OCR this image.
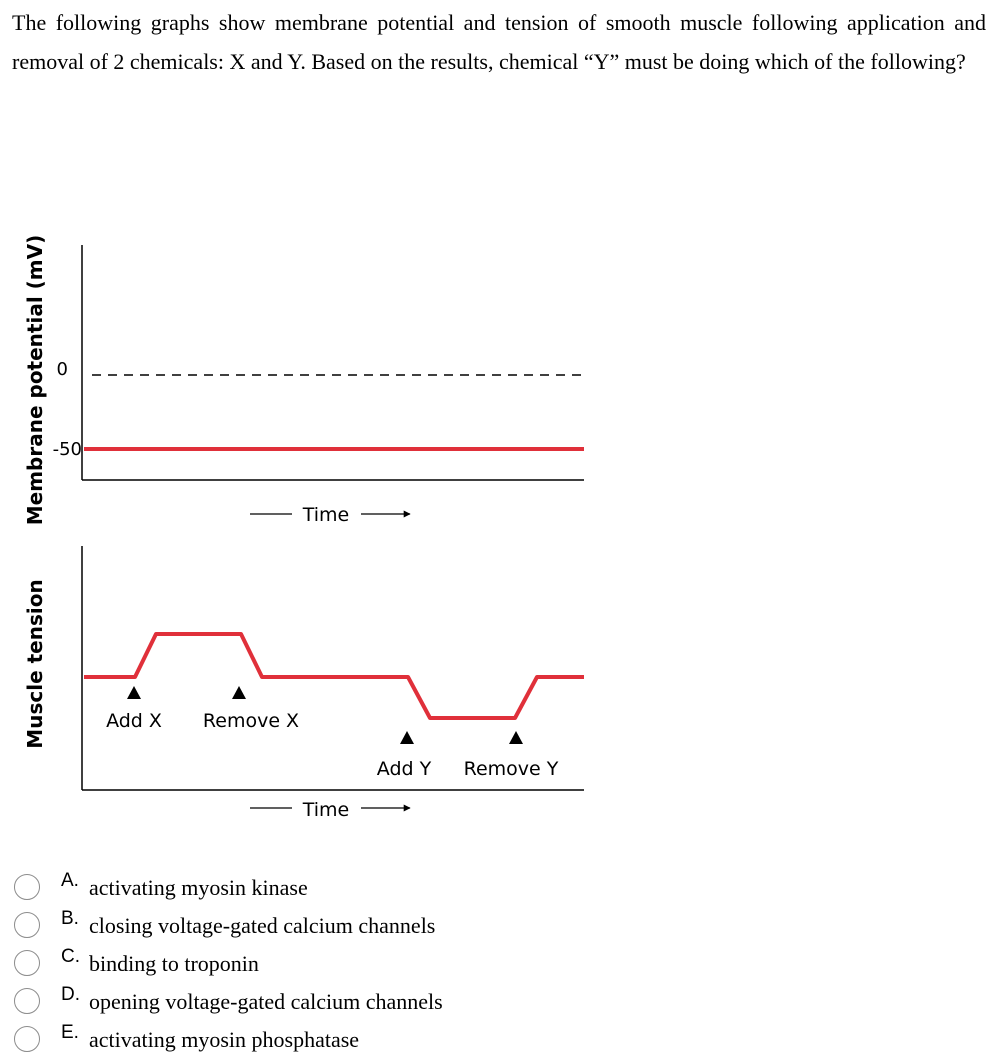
The following graphs show membrane potential and tension of smooth muscle following application and removal of 2 chemicals: X and Y. Based on the results, chemical “Y” must be doing which of the following?
Membrane potential (mV) 0
-50
Time
Muscle tension	Add X Remove X
Add Y Remove Y
Time
A. activating myosin kinase
B. closing voltage-gated calcium channels
C. binding to troponin
D. opening voltage-gated calcium channels
E. activating myosin phosphatase
